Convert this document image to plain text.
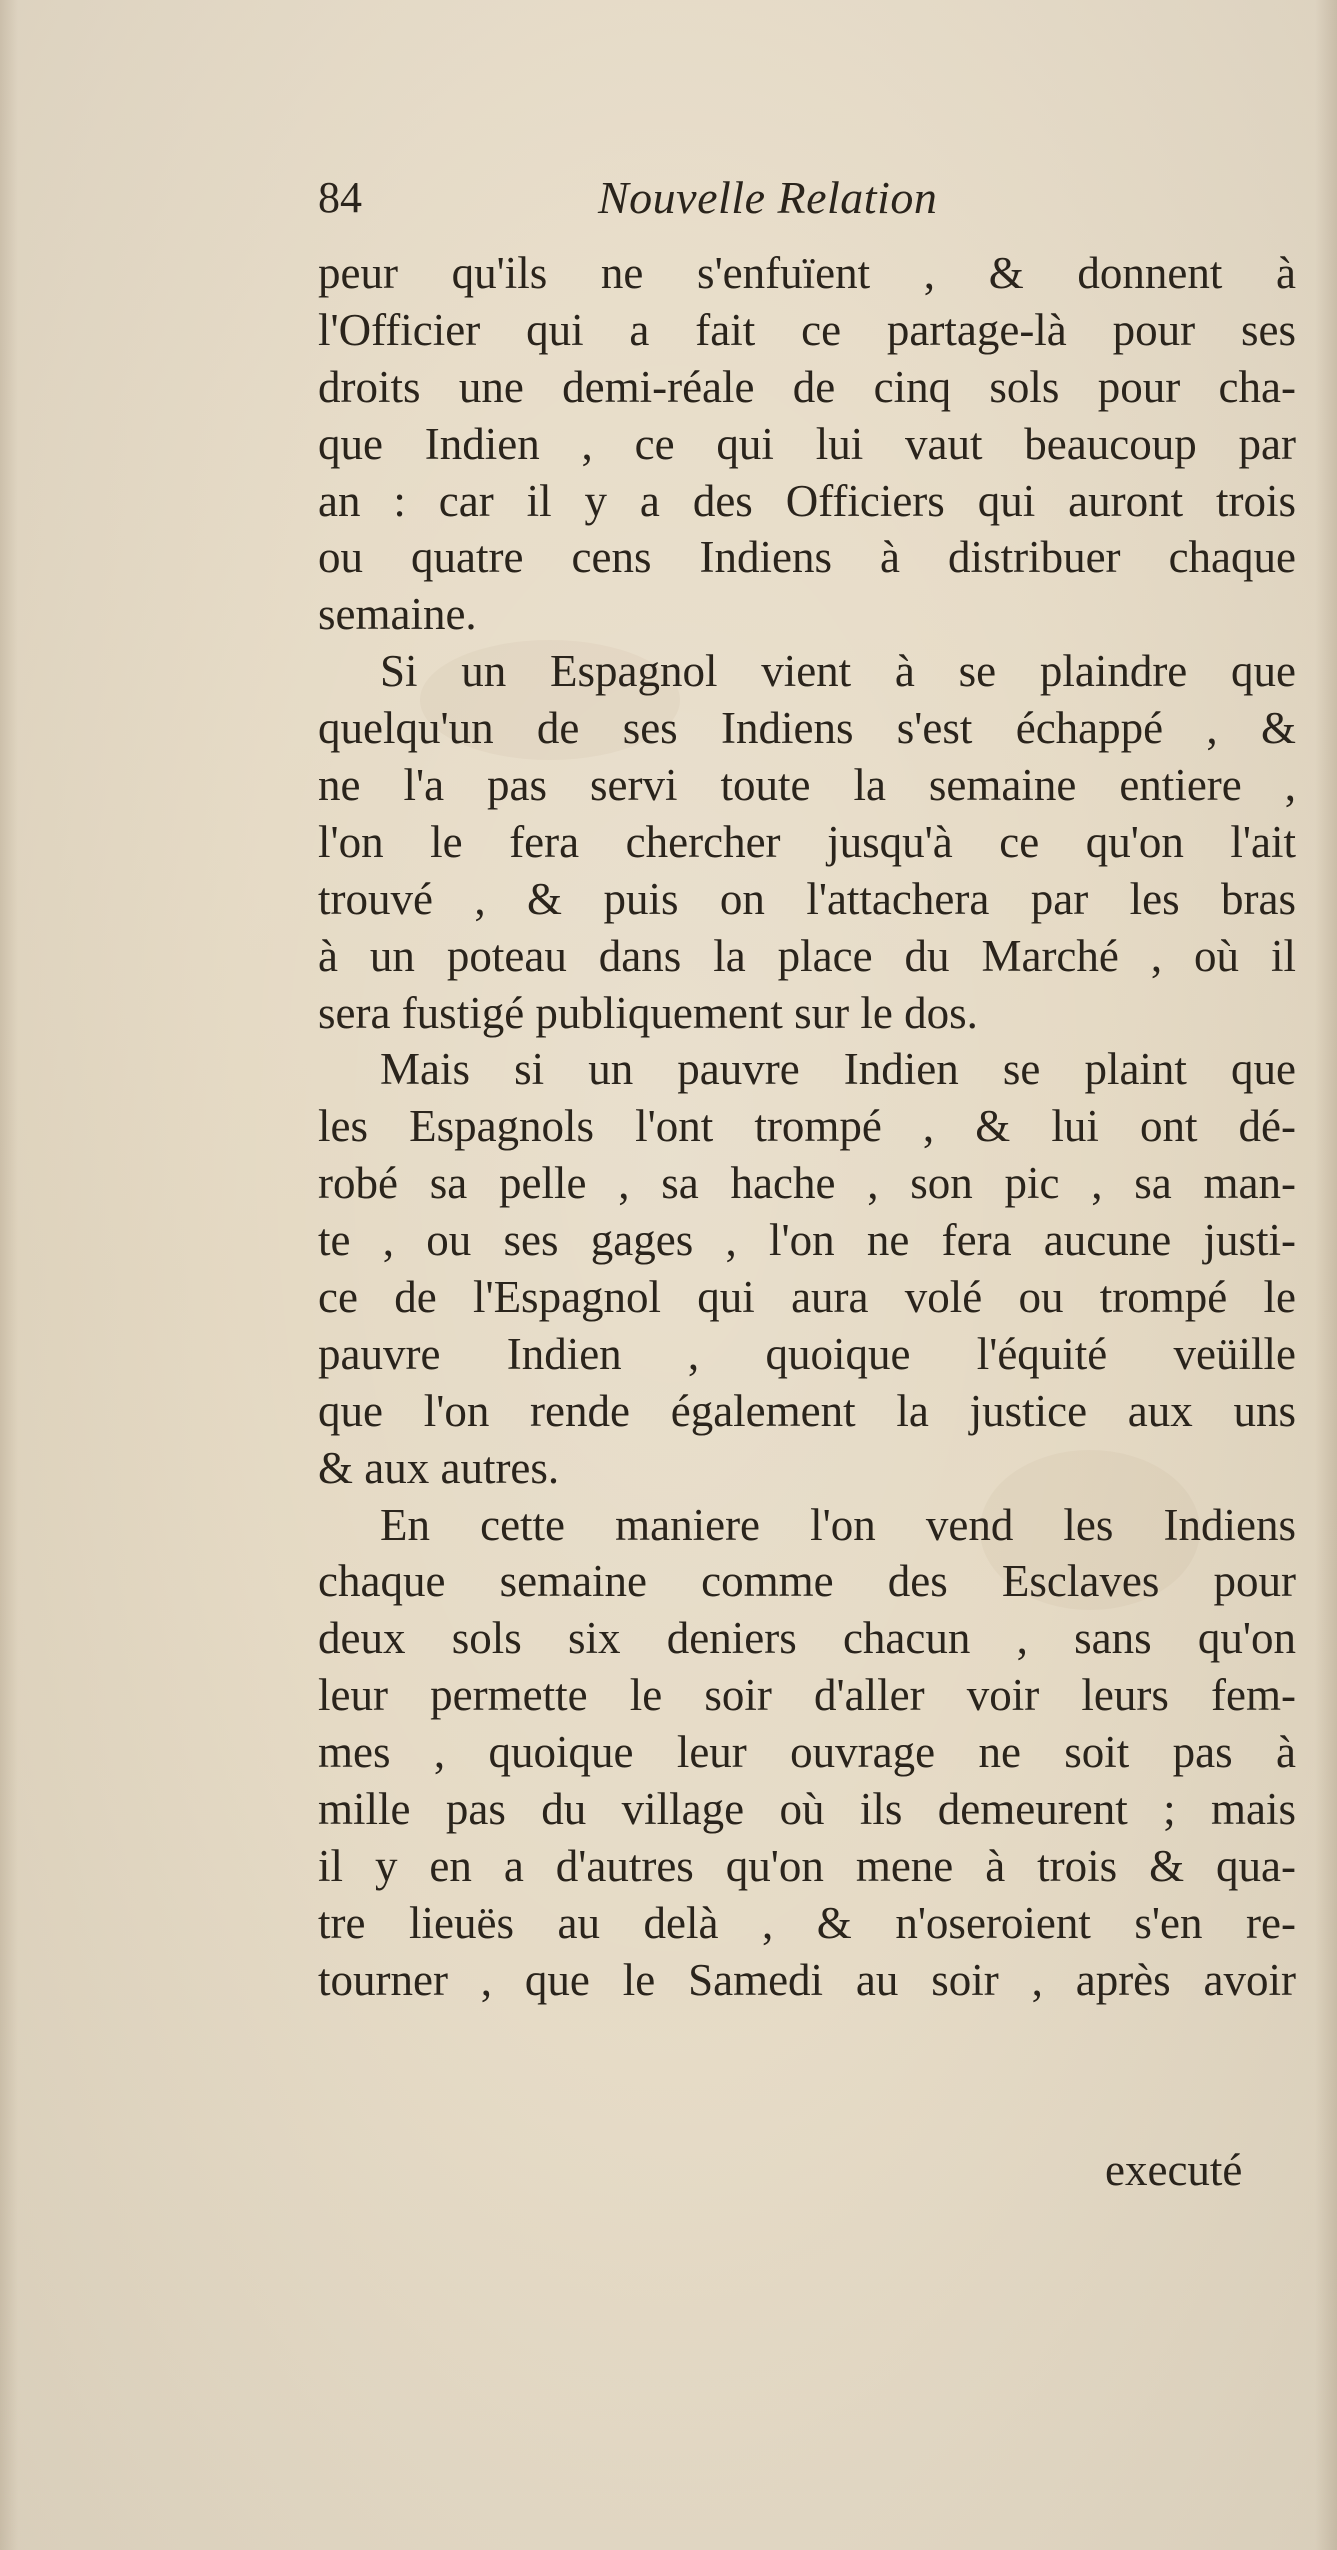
84	Nouvelle Relation
peur qu'ils ne s'enfuïent , & donnent à
l'Officier qui a fait ce partage-là pour ses
droits une demi-réale de cinq sols pour cha-
que Indien , ce qui lui vaut beaucoup par
an : car il y a des Officiers qui auront trois
ou quatre cens Indiens à distribuer chaque
semaine.
Si un Espagnol vient à se plaindre que
quelqu'un de ses Indiens s'est échappé , &
ne l'a pas servi toute la semaine entiere ,
l'on le fera chercher jusqu'à ce qu'on l'ait
trouvé , & puis on l'attachera par les bras
à un poteau dans la place du Marché , où il
sera fustigé publiquement sur le dos.
Mais si un pauvre Indien se plaint que
les Espagnols l'ont trompé , & lui ont dé-
robé sa pelle , sa hache , son pic , sa man-
te , ou ses gages , l'on ne fera aucune justi-
ce de l'Espagnol qui aura volé ou trompé le
pauvre Indien , quoique l'équité veüille
que l'on rende également la justice aux uns
& aux autres.
En cette maniere l'on vend les Indiens
chaque semaine comme des Esclaves pour
deux sols six deniers chacun , sans qu'on
leur permette le soir d'aller voir leurs fem-
mes , quoique leur ouvrage ne soit pas à
mille pas du village où ils demeurent ; mais
il y en a d'autres qu'on mene à trois & qua-
tre lieuës au delà , & n'oseroient s'en re-
tourner , que le Samedi au soir , après avoir
executé
